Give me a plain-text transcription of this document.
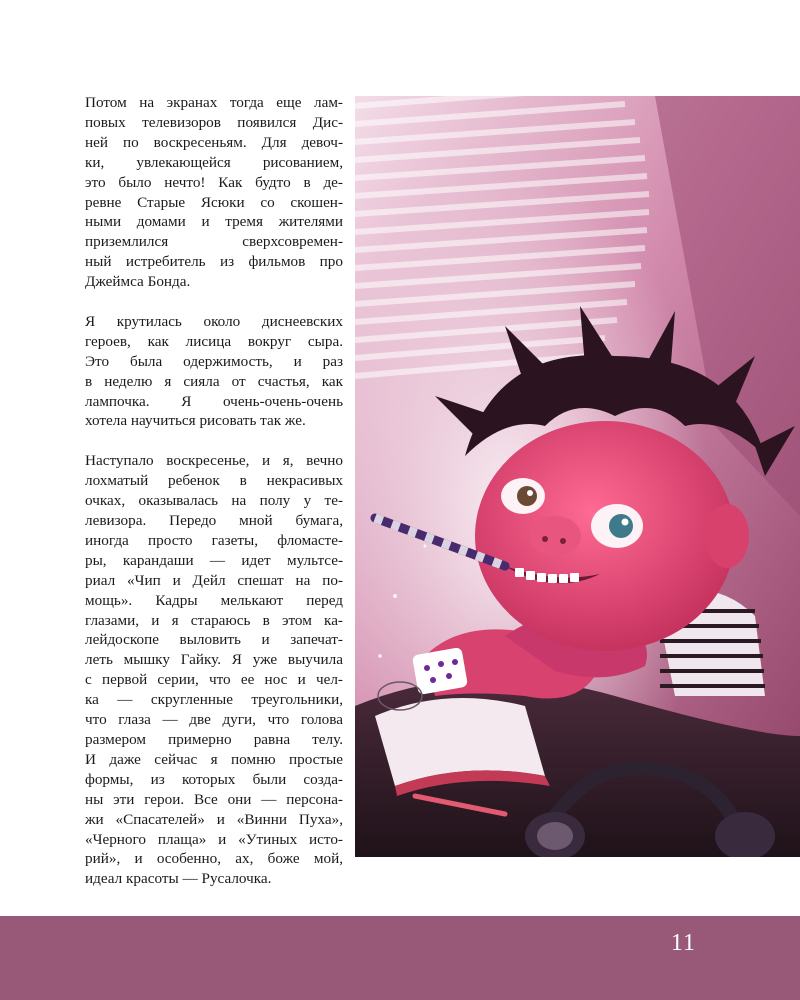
Потом на экранах тогда еще лам-
повых телевизоров появился Дис-
ней по воскресеньям. Для девоч-
ки, увлекающейся рисованием,
это было нечто! Как будто в де-
ревне Старые Ясюки со скошен-
ными домами и тремя жителями
приземлился сверхсовремен-
ный истребитель из фильмов про
Джеймса Бонда.

Я крутилась около диснеевских
героев, как лисица вокруг сыра.
Это была одержимость, и раз
в неделю я сияла от счастья, как
лампочка. Я очень-очень-очень
хотела научиться рисовать так же.

Наступало воскресенье, и я, вечно
лохматый ребенок в некрасивых
очках, оказывалась на полу у те-
левизора. Передо мной бумага,
иногда просто газеты, фломасте-
ры, карандаши — идет мультсе-
риал «Чип и Дейл спешат на по-
мощь». Кадры мелькают перед
глазами, и я стараюсь в этом ка-
лейдоскопе выловить и запечат-
леть мышку Гайку. Я уже выучила
с первой серии, что ее нос и чел-
ка — скругленные треугольники,
что глаза — две дуги, что голова
размером примерно равна телу.
И даже сейчас я помню простые
формы, из которых были созда-
ны эти герои. Все они — персона-
жи «Спасателей» и «Винни Пуха»,
«Черного плаща» и «Утиных исто-
рий», и особенно, ах, боже мой,
идеал красоты — Русалочка.

11
